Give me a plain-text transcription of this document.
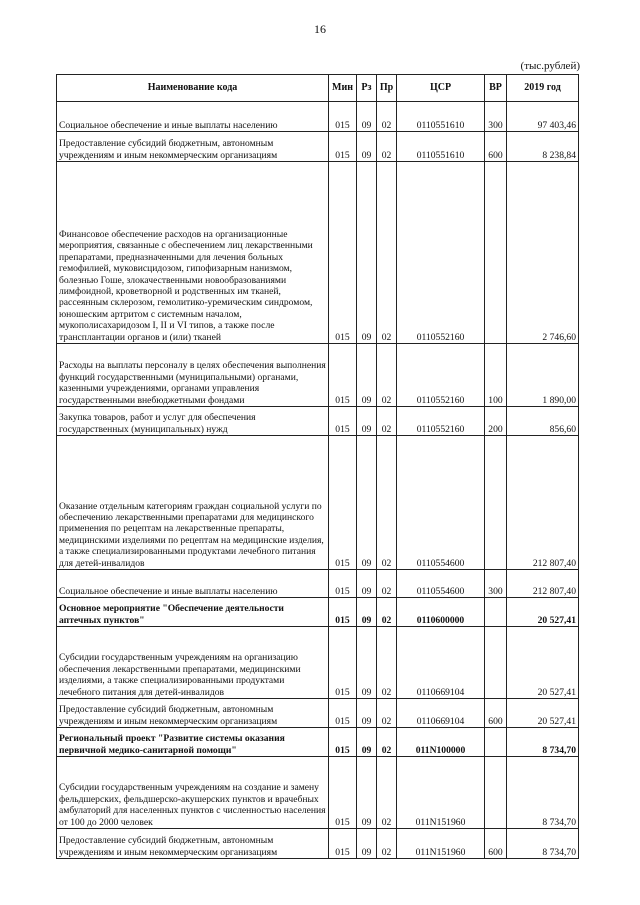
16
(тыс.рублей)
Наименование кода	Мин	Рз	Пр	ЦСР	ВР	2019 год
Социальное обеспечение и иные выплаты населению	015	09	02	0110551610	300	97 403,46
Предоставление субсидий бюджетным, автономным учреждениям и иным некоммерческим организациям	015	09	02	0110551610	600	8 238,84
Финансовое обеспечение расходов на организационные мероприятия, связанные с обеспечением лиц лекарственными препаратами, предназначенными для лечения больных гемофилией, муковисцидозом, гипофизарным нанизмом, болезнью Гоше, злокачественными новообразованиями лимфоидной, кроветворной и родственных им тканей, рассеянным склерозом, гемолитико-уремическим синдромом, юношеским артритом с системным началом, мукополисахаридозом I, II и VI типов, а также после трансплантации органов и (или) тканей	015	09	02	0110552160		2 746,60
Расходы на выплаты персоналу в целях обеспечения выполнения функций государственными (муниципальными) органами, казенными учреждениями, органами управления государственными внебюджетными фондами	015	09	02	0110552160	100	1 890,00
Закупка товаров, работ и услуг для обеспечения государственных (муниципальных) нужд	015	09	02	0110552160	200	856,60
Оказание отдельным категориям граждан социальной услуги по обеспечению лекарственными препаратами для медицинского применения по рецептам на лекарственные препараты, медицинскими изделиями по рецептам на медицинские изделия, а также специализированными продуктами лечебного питания для детей-инвалидов	015	09	02	0110554600		212 807,40
Социальное обеспечение и иные выплаты населению	015	09	02	0110554600	300	212 807,40
Основное мероприятие "Обеспечение деятельности аптечных пунктов"	015	09	02	0110600000		20 527,41
Субсидии государственным учреждениям на организацию обеспечения лекарственными препаратами, медицинскими изделиями, а также специализированными продуктами лечебного питания для детей-инвалидов	015	09	02	0110669104		20 527,41
Предоставление субсидий бюджетным, автономным учреждениям и иным некоммерческим организациям	015	09	02	0110669104	600	20 527,41
Региональный проект "Развитие системы оказания первичной медико-санитарной помощи"	015	09	02	011N100000		8 734,70
Субсидии государственным учреждениям на создание и замену фельдшерских, фельдшерско-акушерских пунктов и врачебных амбулаторий для населенных пунктов с численностью населения от 100 до 2000 человек	015	09	02	011N151960		8 734,70
Предоставление субсидий бюджетным, автономным учреждениям и иным некоммерческим организациям	015	09	02	011N151960	600	8 734,70
